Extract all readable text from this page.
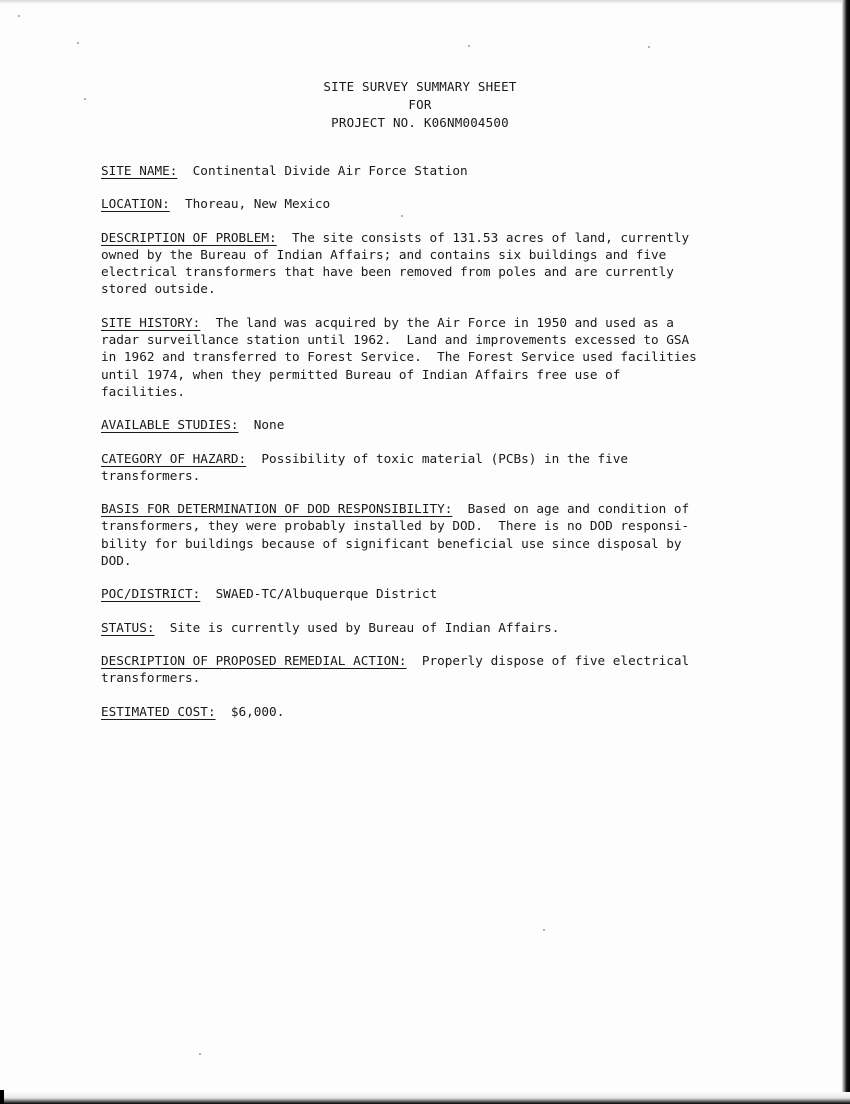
SITE SURVEY SUMMARY SHEET
FOR
PROJECT NO. K06NM004500
SITE NAME: Continental Divide Air Force Station
LOCATION: Thoreau, New Mexico
DESCRIPTION OF PROBLEM: The site consists of 131.53 acres of land, currently
owned by the Bureau of Indian Affairs; and contains six buildings and five
electrical transformers that have been removed from poles and are currently
stored outside.
SITE HISTORY: The land was acquired by the Air Force in 1950 and used as a
radar surveillance station until 1962.  Land and improvements excessed to GSA
in 1962 and transferred to Forest Service.  The Forest Service used facilities
until 1974, when they permitted Bureau of Indian Affairs free use of
facilities.
AVAILABLE STUDIES: None
CATEGORY OF HAZARD: Possibility of toxic material (PCBs) in the five
transformers.
BASIS FOR DETERMINATION OF DOD RESPONSIBILITY: Based on age and condition of
transformers, they were probably installed by DOD.  There is no DOD responsi-
bility for buildings because of significant beneficial use since disposal by
DOD.
POC/DISTRICT: SWAED-TC/Albuquerque District
STATUS: Site is currently used by Bureau of Indian Affairs.
DESCRIPTION OF PROPOSED REMEDIAL ACTION: Properly dispose of five electrical
transformers.
ESTIMATED COST: $6,000.
